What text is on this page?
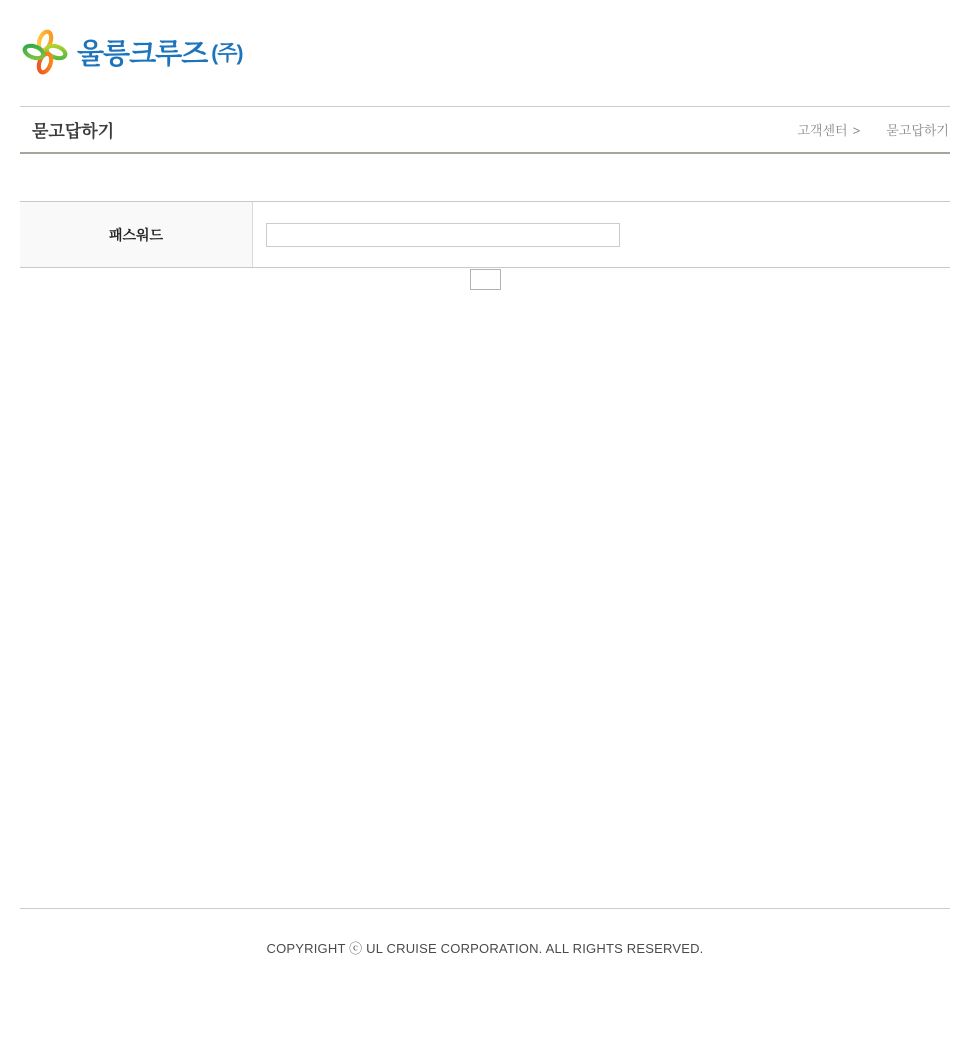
울릉크루즈 (주)
묻고답하기	고객센터 > 묻고답하기
패스워드

COPYRIGHT ⓒ UL CRUISE CORPORATION. ALL RIGHTS RESERVED.
